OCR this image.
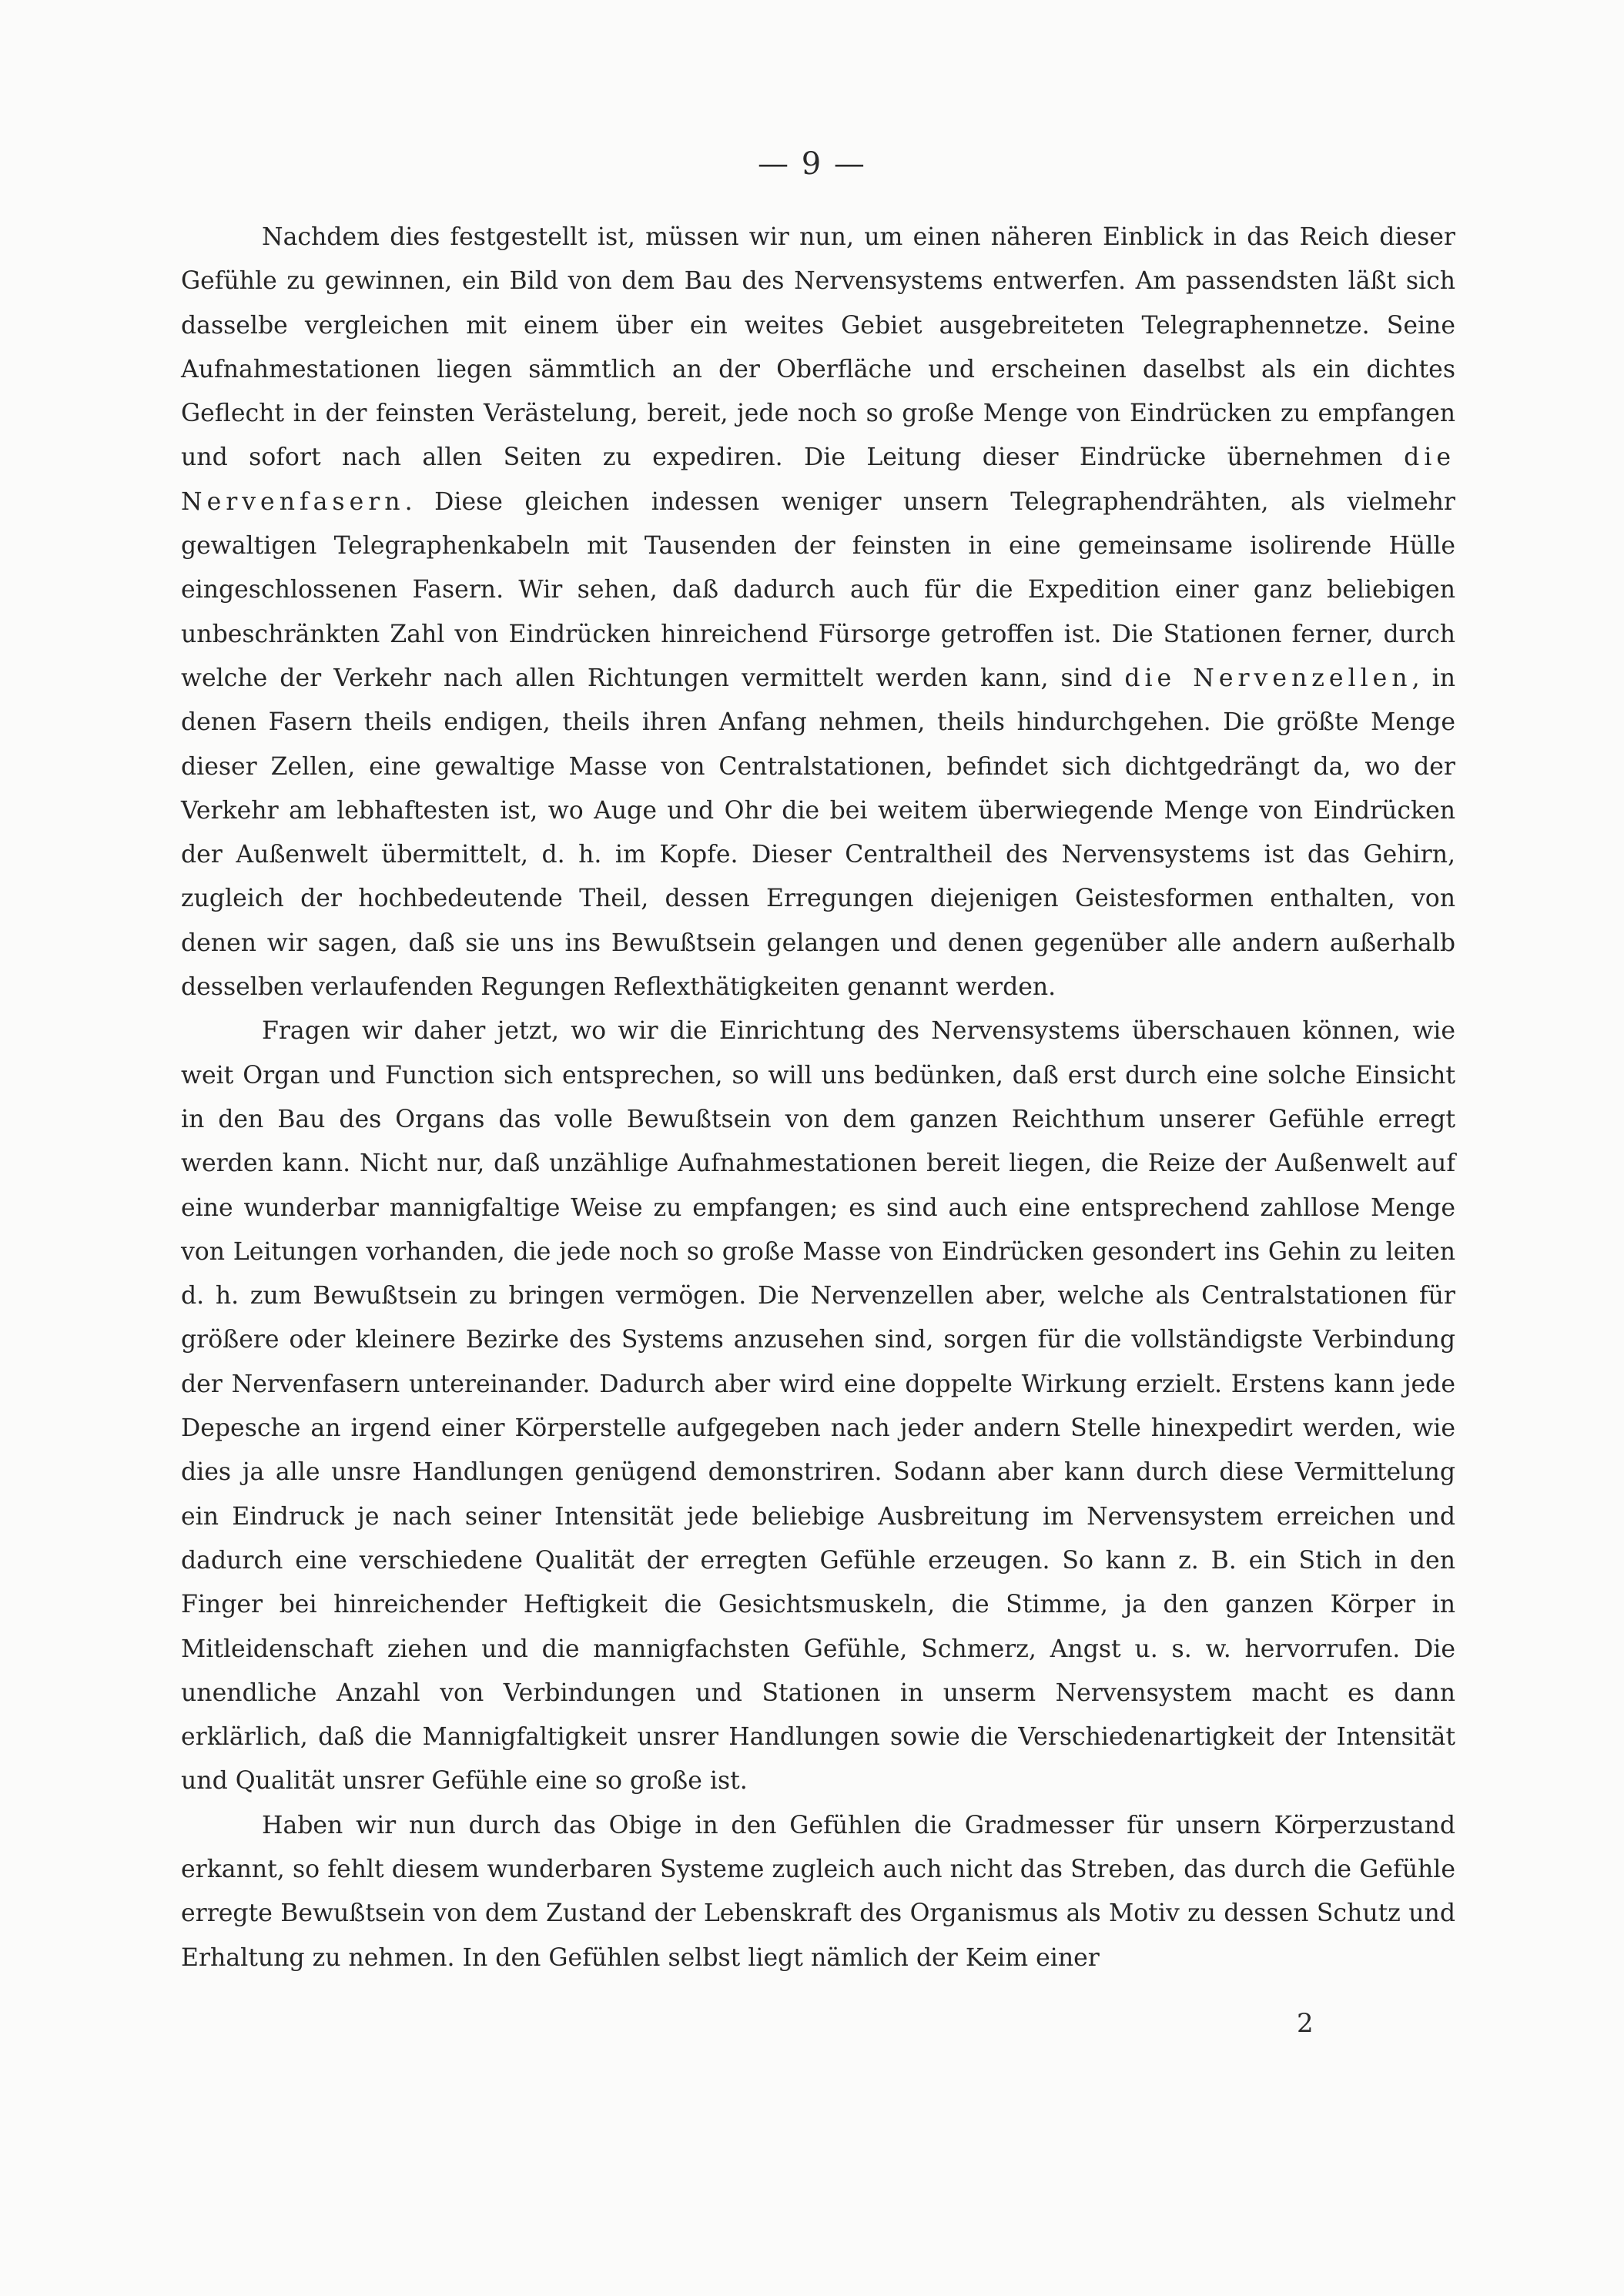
— 9 —

Nachdem dies festgestellt ist, müssen wir nun, um einen näheren Einblick in das Reich dieser Gefühle zu gewinnen, ein Bild von dem Bau des Nervensystems entwerfen. Am passendsten läßt sich dasselbe vergleichen mit einem über ein weites Gebiet ausgebreiteten Telegraphennetze. Seine Aufnahmestationen liegen sämmtlich an der Oberfläche und erscheinen daselbst als ein dichtes Geflecht in der feinsten Verästelung, bereit, jede noch so große Menge von Eindrücken zu empfangen und sofort nach allen Seiten zu expediren. Die Leitung dieser Eindrücke übernehmen die Nervenfasern. Diese gleichen indessen weniger unsern Telegraphendrähten, als vielmehr gewaltigen Telegraphenkabeln mit Tausenden der feinsten in eine gemeinsame isolirende Hülle eingeschlossenen Fasern. Wir sehen, daß dadurch auch für die Expedition einer ganz beliebigen unbeschränkten Zahl von Eindrücken hinreichend Fürsorge getroffen ist. Die Stationen ferner, durch welche der Verkehr nach allen Richtungen vermittelt werden kann, sind die Nervenzellen, in denen Fasern theils endigen, theils ihren Anfang nehmen, theils hindurchgehen. Die größte Menge dieser Zellen, eine gewaltige Masse von Centralstationen, befindet sich dichtgedrängt da, wo der Verkehr am lebhaftesten ist, wo Auge und Ohr die bei weitem überwiegende Menge von Eindrücken der Außenwelt übermittelt, d. h. im Kopfe. Dieser Centraltheil des Nervensystems ist das Gehirn, zugleich der hochbedeutende Theil, dessen Erregungen diejenigen Geistesformen enthalten, von denen wir sagen, daß sie uns ins Bewußtsein gelangen und denen gegenüber alle andern außerhalb desselben verlaufenden Regungen Reflexthätigkeiten genannt werden.

Fragen wir daher jetzt, wo wir die Einrichtung des Nervensystems überschauen können, wie weit Organ und Function sich entsprechen, so will uns bedünken, daß erst durch eine solche Einsicht in den Bau des Organs das volle Bewußtsein von dem ganzen Reichthum unserer Gefühle erregt werden kann. Nicht nur, daß unzählige Aufnahmestationen bereit liegen, die Reize der Außenwelt auf eine wunderbar mannigfaltige Weise zu empfangen; es sind auch eine entsprechend zahllose Menge von Leitungen vorhanden, die jede noch so große Masse von Eindrücken gesondert ins Gehin zu leiten d. h. zum Bewußtsein zu bringen vermögen. Die Nervenzellen aber, welche als Centralstationen für größere oder kleinere Bezirke des Systems anzusehen sind, sorgen für die vollständigste Verbindung der Nervenfasern untereinander. Dadurch aber wird eine doppelte Wirkung erzielt. Erstens kann jede Depesche an irgend einer Körperstelle aufgegeben nach jeder andern Stelle hinexpedirt werden, wie dies ja alle unsre Handlungen genügend demonstriren. Sodann aber kann durch diese Vermittelung ein Eindruck je nach seiner Intensität jede beliebige Ausbreitung im Nervensystem erreichen und dadurch eine verschiedene Qualität der erregten Gefühle erzeugen. So kann z. B. ein Stich in den Finger bei hinreichender Heftigkeit die Gesichtsmuskeln, die Stimme, ja den ganzen Körper in Mitleidenschaft ziehen und die mannigfachsten Gefühle, Schmerz, Angst u. s. w. hervorrufen. Die unendliche Anzahl von Verbindungen und Stationen in unserm Nervensystem macht es dann erklärlich, daß die Mannigfaltigkeit unsrer Handlungen sowie die Verschiedenartigkeit der Intensität und Qualität unsrer Gefühle eine so große ist.

Haben wir nun durch das Obige in den Gefühlen die Gradmesser für unsern Körperzustand erkannt, so fehlt diesem wunderbaren Systeme zugleich auch nicht das Streben, das durch die Gefühle erregte Bewußtsein von dem Zustand der Lebenskraft des Organismus als Motiv zu dessen Schutz und Erhaltung zu nehmen. In den Gefühlen selbst liegt nämlich der Keim einer

2
